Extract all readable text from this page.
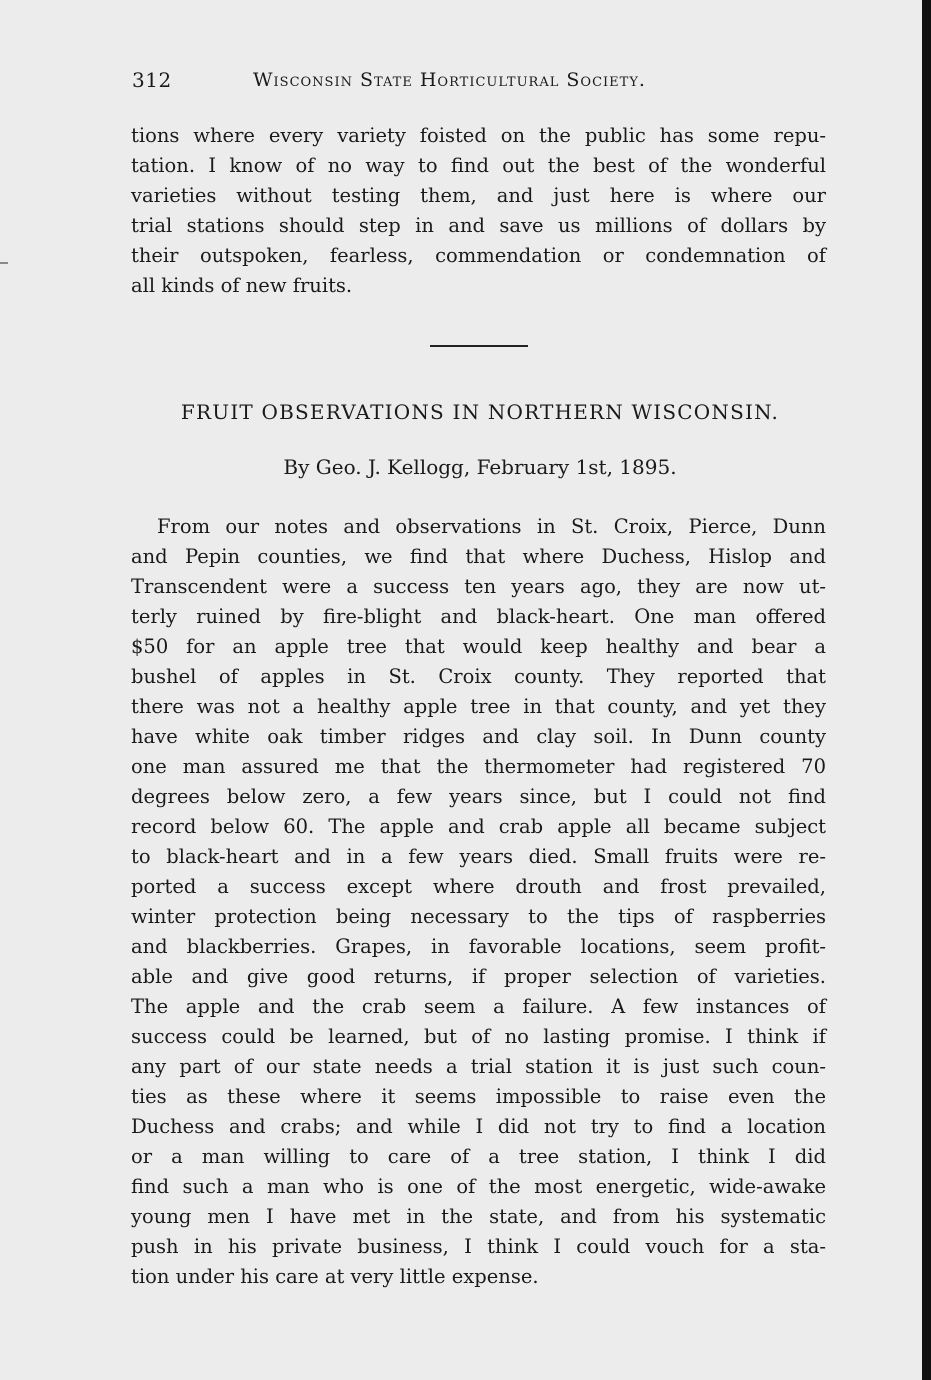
312	Wisconsin State Horticultural Society.
tions where every variety foisted on the public has some repu-
tation. I know of no way to find out the best of the wonderful
varieties without testing them, and just here is where our
trial stations should step in and save us millions of dollars by
their outspoken, fearless, commendation or condemnation of
all kinds of new fruits.
FRUIT OBSERVATIONS IN NORTHERN WISCONSIN.
By Geo. J. Kellogg, February 1st, 1895.
From our notes and observations in St. Croix, Pierce, Dunn
and Pepin counties, we find that where Duchess, Hislop and
Transcendent were a success ten years ago, they are now ut-
terly ruined by fire-blight and black-heart. One man offered
$50 for an apple tree that would keep healthy and bear a
bushel of apples in St. Croix county. They reported that
there was not a healthy apple tree in that county, and yet they
have white oak timber ridges and clay soil. In Dunn county
one man assured me that the thermometer had registered 70
degrees below zero, a few years since, but I could not find
record below 60. The apple and crab apple all became subject
to black-heart and in a few years died. Small fruits were re-
ported a success except where drouth and frost prevailed,
winter protection being necessary to the tips of raspberries
and blackberries. Grapes, in favorable locations, seem profit-
able and give good returns, if proper selection of varieties.
The apple and the crab seem a failure. A few instances of
success could be learned, but of no lasting promise. I think if
any part of our state needs a trial station it is just such coun-
ties as these where it seems impossible to raise even the
Duchess and crabs; and while I did not try to find a location
or a man willing to care of a tree station, I think I did
find such a man who is one of the most energetic, wide-awake
young men I have met in the state, and from his systematic
push in his private business, I think I could vouch for a sta-
tion under his care at very little expense.
